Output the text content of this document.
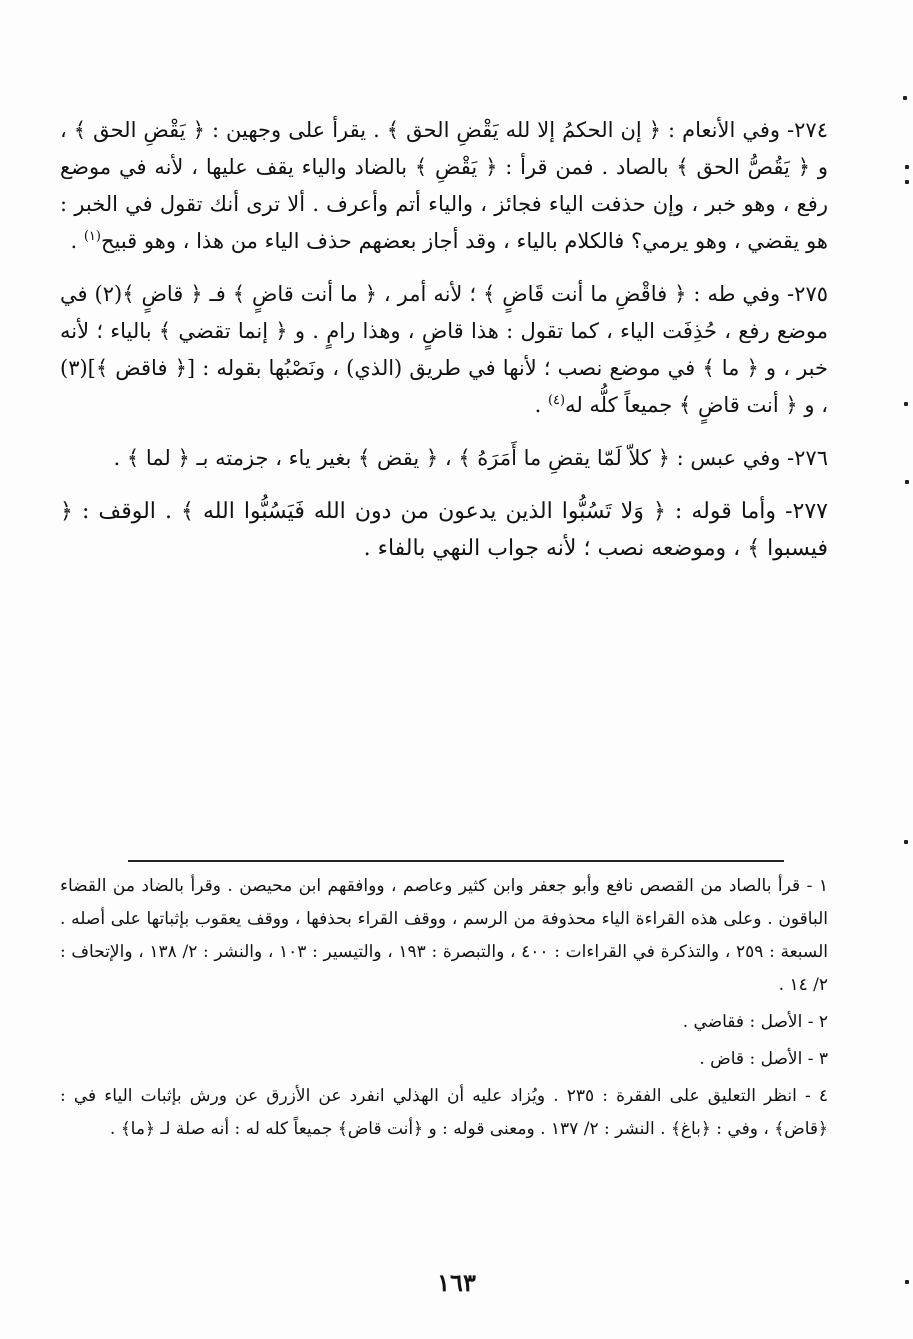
٢٧٤- وفي الأنعام : ﴿ إن الحكمُ إلا لله يَقْضِ الحق ﴾ . يقرأ على وجهين : ﴿ يَقْضِ الحق ﴾ ، و ﴿ يَقُصُّ الحق ﴾ بالصاد . فمن قرأ : ﴿ يَقْضِ ﴾ بالضاد والياء يقف عليها ، لأنه في موضع رفع ، وهو خبر ، وإن حذفت الياء فجائز ، والياء أتم وأعرف . ألا ترى أنك تقول في الخبر : هو يقضي ، وهو يرمي؟ فالكلام بالياء ، وقد أجاز بعضهم حذف الياء من هذا ، وهو قبيح$^{(١)}$ .

٢٧٥- وفي طه : ﴿ فاقْضِ ما أنت قَاضٍ ﴾ ؛ لأنه أمر ، ﴿ ما أنت قاضٍ ﴾ فـ ﴿ قاضٍ ﴾(٢) في موضع رفع ، حُذِفَت الياء ، كما تقول : هذا قاضٍ ، وهذا رامٍ . و ﴿ إنما تقضي ﴾ بالياء ؛ لأنه خبر ، و ﴿ ما ﴾ في موضع نصب ؛ لأنها في طريق (الذي) ، ونَصْبُها بقوله : [﴿ فاقض ﴾](٣) ، و ﴿ أنت قاضٍ ﴾ جميعاً كلُّه له$^{(٤)}$ .

٢٧٦- وفي عبس : ﴿ كلاّ لَمّا يقضِ ما أَمَرَهُ ﴾ ، ﴿ يقض ﴾ بغير ياء ، جزمته بـ ﴿ لما ﴾ .

٢٧٧- وأما قوله : ﴿ وَلا تَسُبُّوا الذين يدعون من دون الله فَيَسُبُّوا الله ﴾ . الوقف : ﴿ فيسبوا ﴾ ، وموضعه نصب ؛ لأنه جواب النهي بالفاء .

١ - قرأ بالصاد من القصص نافع وأبو جعفر وابن كثير وعاصم ، ووافقهم ابن محيصن . وقرأ بالضاد من القضاء الباقون . وعلى هذه القراءة الياء محذوفة من الرسم ، ووقف القراء بحذفها ، ووقف يعقوب بإثباتها على أصله . السبعة : ٢٥٩ ، والتذكرة في القراءات : ٤٠٠ ، والتبصرة : ١٩٣ ، والتيسير : ١٠٣ ، والنشر : ٢/ ١٣٨ ، والإتحاف : ٢/ ١٤ .

٢ - الأصل : فقاضي .

٣ - الأصل : قاض .

٤ - انظر التعليق على الفقرة : ٢٣٥ . ويُزاد عليه أن الهذلي انفرد عن الأزرق عن ورش بإثبات الياء في : ﴿قاض﴾ ، وفي : ﴿باغ﴾ . النشر : ٢/ ١٣٧ . ومعنى قوله : و ﴿أنت قاض﴾ جميعاً كله له : أنه صلة لـ ﴿ما﴾ .

١٦٣
